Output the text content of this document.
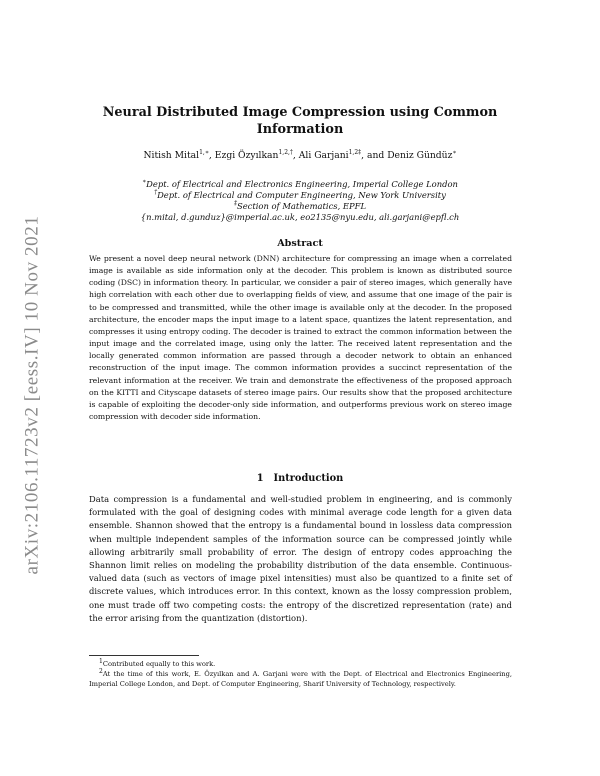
arXiv:2106.11723v2 [eess.IV] 10 Nov 2021
Neural Distributed Image Compression using Common Information
Nitish Mital$^{1,∗}$, Ezgi Özyılkan$^{1,2,\dagger}$, Ali Garjani$^{1,2\ddagger}$, and Deniz Gündüz∗
∗Dept. of Electrical and Electronics Engineering, Imperial College London
†Dept. of Electrical and Computer Engineering, New York University
‡Section of Mathematics, EPFL
{n.mital, d.gunduz}@imperial.ac.uk, eo2135@nyu.edu, ali.garjani@epfl.ch
Abstract

We present a novel deep neural network (DNN) architecture for compressing an image when a correlated image is available as side information only at the decoder. This problem is known as distributed source coding (DSC) in information theory. In particular, we consider a pair of stereo images, which generally have high correlation with each other due to overlapping fields of view, and assume that one image of the pair is to be compressed and transmitted, while the other image is available only at the decoder. In the proposed architecture, the encoder maps the input image to a latent space, quantizes the latent representation, and compresses it using entropy coding. The decoder is trained to extract the common information between the input image and the correlated image, using only the latter. The received latent representation and the locally generated common information are passed through a decoder network to obtain an enhanced reconstruction of the input image. The common information provides a succinct representation of the relevant information at the receiver. We train and demonstrate the effectiveness of the proposed approach on the KITTI and Cityscape datasets of stereo image pairs. Our results show that the proposed architecture is capable of exploiting the decoder-only side information, and outperforms previous work on stereo image compression with decoder side information.

1 Introduction

Data compression is a fundamental and well-studied problem in engineering, and is commonly formulated with the goal of designing codes with minimal average code length for a given data ensemble. Shannon showed that the entropy is a fundamental bound in lossless data compression when multiple independent samples of the information source can be compressed jointly while allowing arbitrarily small probability of error. The design of entropy codes approaching the Shannon limit relies on modeling the probability distribution of the data ensemble. Continuous-valued data (such as vectors of image pixel intensities) must also be quantized to a finite set of discrete values, which introduces error. In this context, known as the lossy compression problem, one must trade off two competing costs: the entropy of the discretized representation (rate) and the error arising from the quantization (distortion).

$^1$Contributed equally to this work.

$^2$At the time of this work, E. Özyılkan and A. Garjani were with the Dept. of Electrical and Electronics Engineering, Imperial College London, and Dept. of Computer Engineering, Sharif University of Technology, respectively.
